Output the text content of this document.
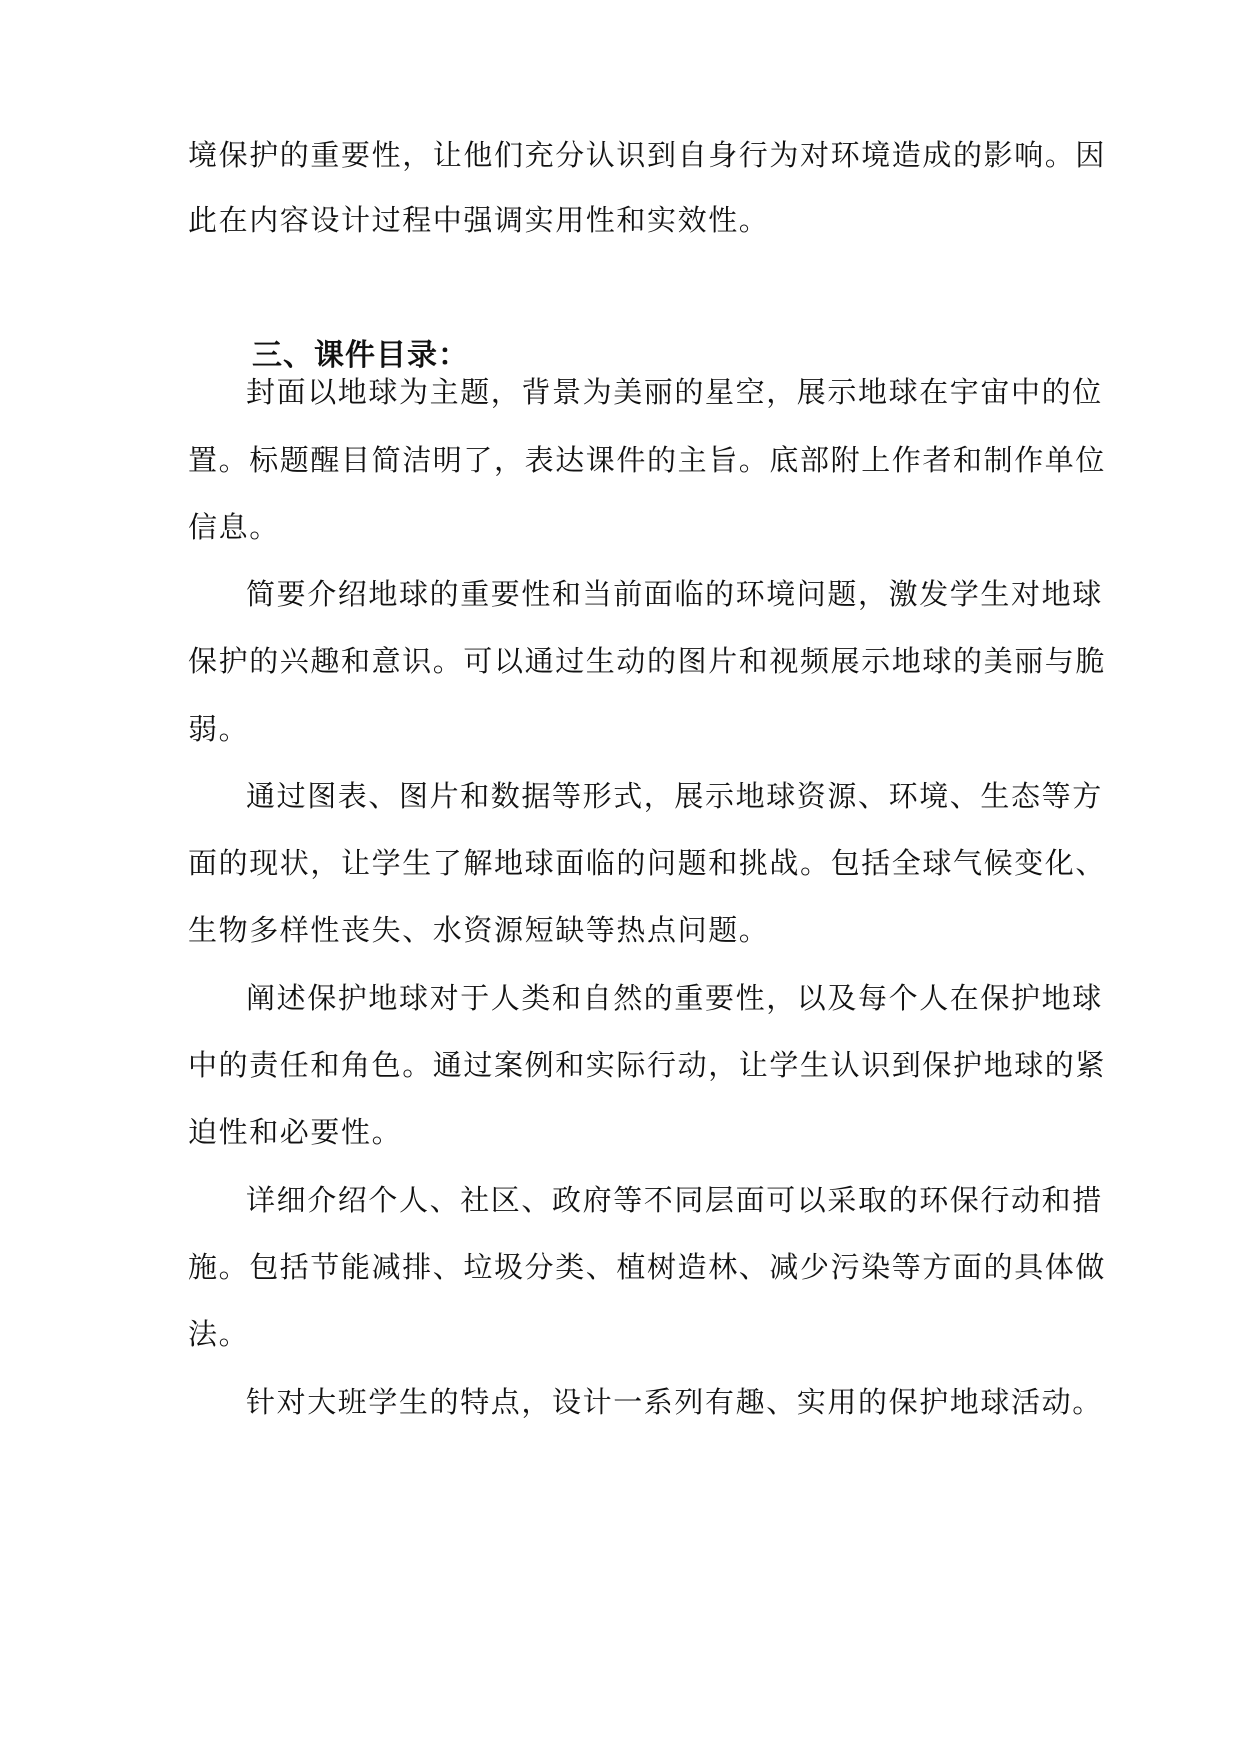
境保护的重要性，让他们充分认识到自身行为对环境造成的影响。因
此在内容设计过程中强调实用性和实效性。
三、课件目录：
封面以地球为主题，背景为美丽的星空，展示地球在宇宙中的位
置。标题醒目简洁明了，表达课件的主旨。底部附上作者和制作单位
信息。
简要介绍地球的重要性和当前面临的环境问题，激发学生对地球
保护的兴趣和意识。可以通过生动的图片和视频展示地球的美丽与脆
弱。
通过图表、图片和数据等形式，展示地球资源、环境、生态等方
面的现状，让学生了解地球面临的问题和挑战。包括全球气候变化、
生物多样性丧失、水资源短缺等热点问题。
阐述保护地球对于人类和自然的重要性，以及每个人在保护地球
中的责任和角色。通过案例和实际行动，让学生认识到保护地球的紧
迫性和必要性。
详细介绍个人、社区、政府等不同层面可以采取的环保行动和措
施。包括节能减排、垃圾分类、植树造林、减少污染等方面的具体做
法。
针对大班学生的特点，设计一系列有趣、实用的保护地球活动。
